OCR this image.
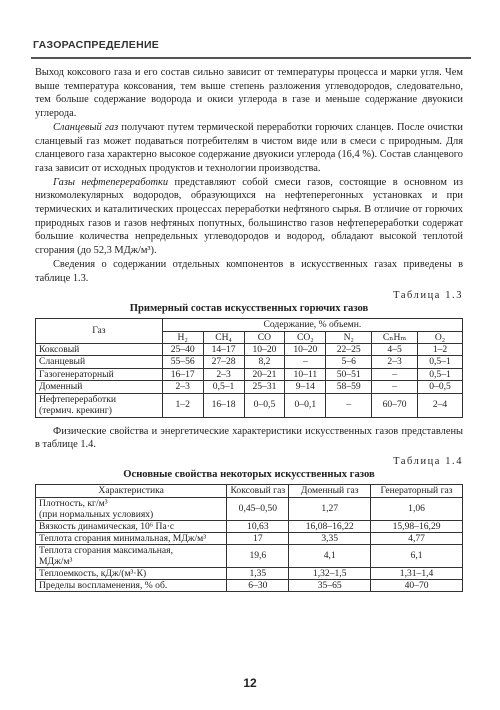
ГАЗОРАСПРЕДЕЛЕНИЕ

Выход коксового газа и его состав сильно зависит от температуры процесса и марки угля. Чем выше температура коксования, тем выше степень разложения углеводородов, следовательно, тем больше содержание водорода и окиси углерода в газе и меньше содержание двуокиси углерода.

Сланцевый газ получают путем термической переработки горючих сланцев. После очистки сланцевый газ может подаваться потребителям в чистом виде или в смеси с природным. Для сланцевого газа характерно высокое содержание двуокиси углерода (16,4 %). Состав сланцевого газа зависит от исходных продуктов и технологии производства.

Газы нефтепереработки представляют собой смеси газов, состоящие в основном из низкомолекулярных водородов, образующихся на нефтеперегонных установках и при термических и каталитических процессах переработки нефтяного сырья. В отличие от горючих природных газов и газов нефтяных попутных, большинство газов нефтепереработки содержат большие количества непредельных углеводородов и водород, обладают высокой теплотой сгорания (до 52,3 МДж/м³).

Сведения о содержании отдельных компонентов в искусственных газах приведены в таблице 1.3.

Таблица 1.3
Примерный состав искусственных горючих газов
Газ	Содержание, % объемн.						
	H₂	CH₄	CO	CO₂	N₂	CₙHₘ	O₂
Коксовый	25–40	14–17	10–20	10–20	22–25	4–5	1–2
Сланцевый	55–56	27–28	8,2	–	5–6	2–3	0,5–1
Газогенераторный	16–17	2–3	20–21	10–11	50–51	–	0,5–1
Доменный	2–3	0,5–1	25–31	9–14	58–59	–	0–0,5
Нефтепереработки
(термич. крекинг)	1–2	16–18	0–0,5	0–0,1	–	60–70	2–4

Физические свойства и энергетические характеристики искусственных газов представлены в таблице 1.4.

Таблица 1.4
Основные свойства некоторых искусственных газов
Характеристика	Коксовый газ	Доменный газ	Генераторный газ
Плотность, кг/м³
(при нормальных условиях)	0,45–0,50	1,27	1,06
Вязкость динамическая, 10⁶ Па·с	10,63	16,08–16,22	15,98–16,29
Теплота сгорания минимальная, МДж/м³	17	3,35	4,77
Теплота сгорания максимальная,
МДж/м³	19,6	4,1	6,1
Теплоемкость, кДж/(м³·К)	1,35	1,32–1,5	1,31–1,4
Пределы воспламенения, % об.	6–30	35–65	40–70
12
